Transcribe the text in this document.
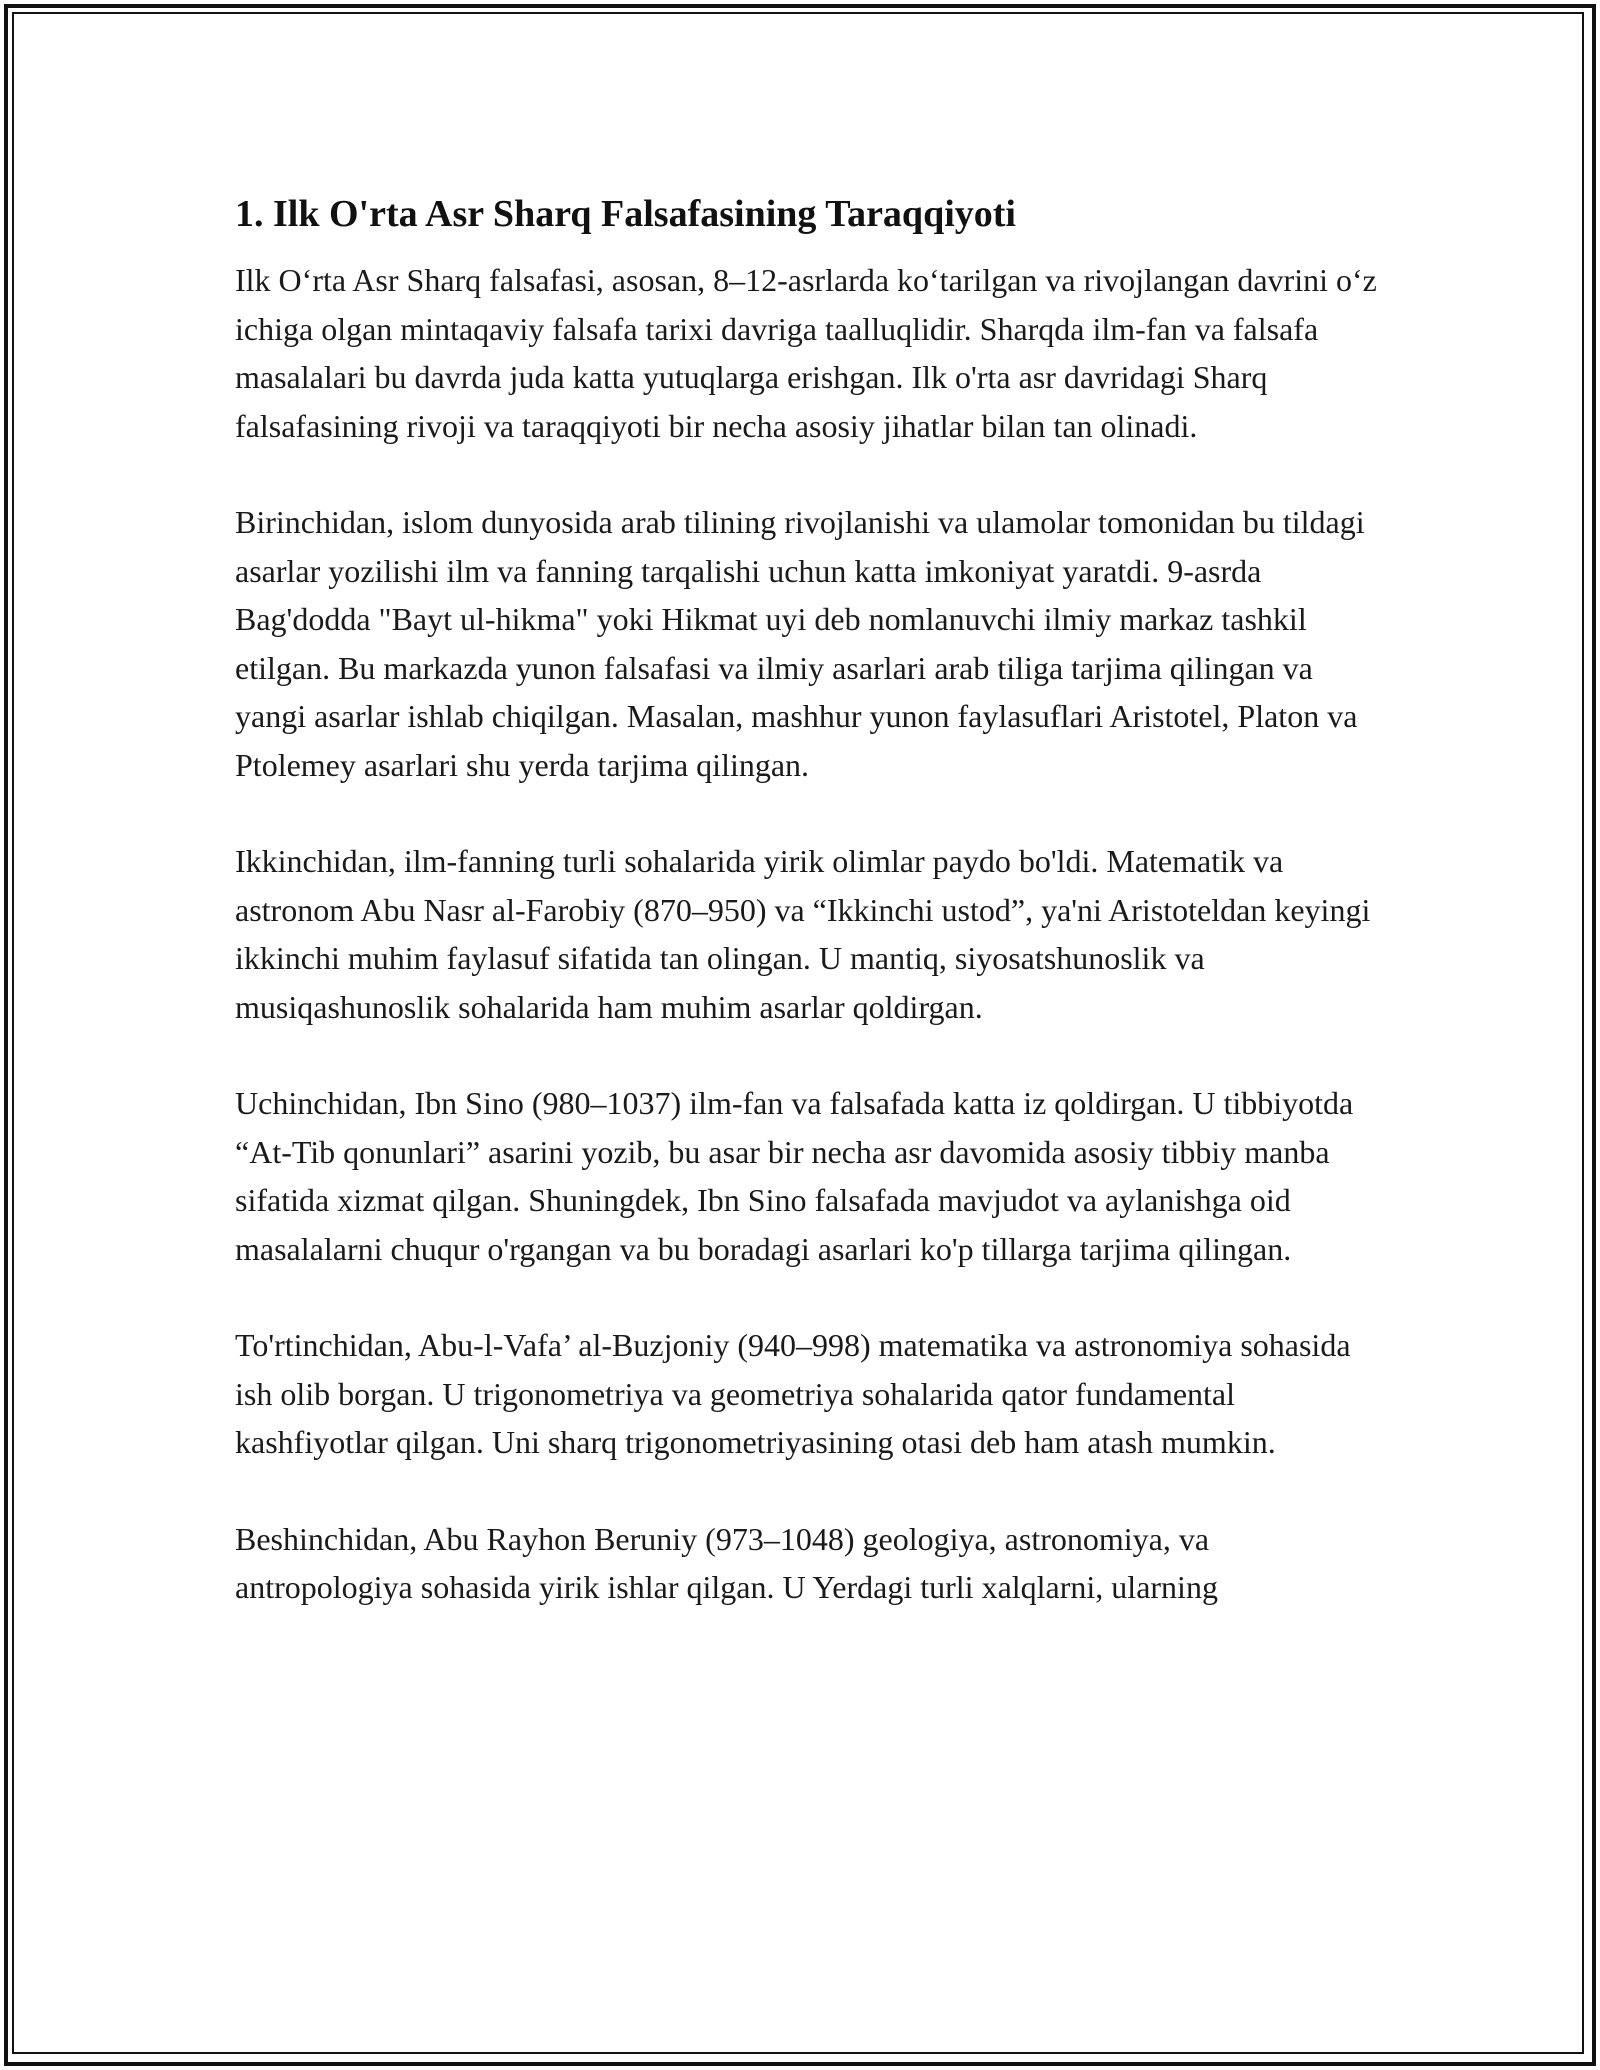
1. Ilk O'rta Asr Sharq Falsafasining Taraqqiyoti

Ilk O‘rta Asr Sharq falsafasi, asosan, 8–12-asrlarda ko‘tarilgan va rivojlangan davrini o‘z ichiga olgan mintaqaviy falsafa tarixi davriga taalluqlidir. Sharqda ilm-fan va falsafa masalalari bu davrda juda katta yutuqlarga erishgan. Ilk o'rta asr davridagi Sharq falsafasining rivoji va taraqqiyoti bir necha asosiy jihatlar bilan tan olinadi.

Birinchidan, islom dunyosida arab tilining rivojlanishi va ulamolar tomonidan bu tildagi asarlar yozilishi ilm va fanning tarqalishi uchun katta imkoniyat yaratdi. 9-asrda Bag'dodda "Bayt ul-hikma" yoki Hikmat uyi deb nomlanuvchi ilmiy markaz tashkil etilgan. Bu markazda yunon falsafasi va ilmiy asarlari arab tiliga tarjima qilingan va yangi asarlar ishlab chiqilgan. Masalan, mashhur yunon faylasuflari Aristotel, Platon va Ptolemey asarlari shu yerda tarjima qilingan.

Ikkinchidan, ilm-fanning turli sohalarida yirik olimlar paydo bo'ldi. Matematik va astronom Abu Nasr al-Farobiy (870–950) va “Ikkinchi ustod”, ya'ni Aristoteldan keyingi ikkinchi muhim faylasuf sifatida tan olingan. U mantiq, siyosatshunoslik va musiqashunoslik sohalarida ham muhim asarlar qoldirgan.

Uchinchidan, Ibn Sino (980–1037) ilm-fan va falsafada katta iz qoldirgan. U tibbiyotda “At-Tib qonunlari” asarini yozib, bu asar bir necha asr davomida asosiy tibbiy manba sifatida xizmat qilgan. Shuningdek, Ibn Sino falsafada mavjudot va aylanishga oid masalalarni chuqur o'rgangan va bu boradagi asarlari ko'p tillarga tarjima qilingan.

To'rtinchidan, Abu-l-Vafa’ al-Buzjoniy (940–998) matematika va astronomiya sohasida ish olib borgan. U trigonometriya va geometriya sohalarida qator fundamental kashfiyotlar qilgan. Uni sharq trigonometriyasining otasi deb ham atash mumkin.

Beshinchidan, Abu Rayhon Beruniy (973–1048) geologiya, astronomiya, va antropologiya sohasida yirik ishlar qilgan. U Yerdagi turli xalqlarni, ularning
